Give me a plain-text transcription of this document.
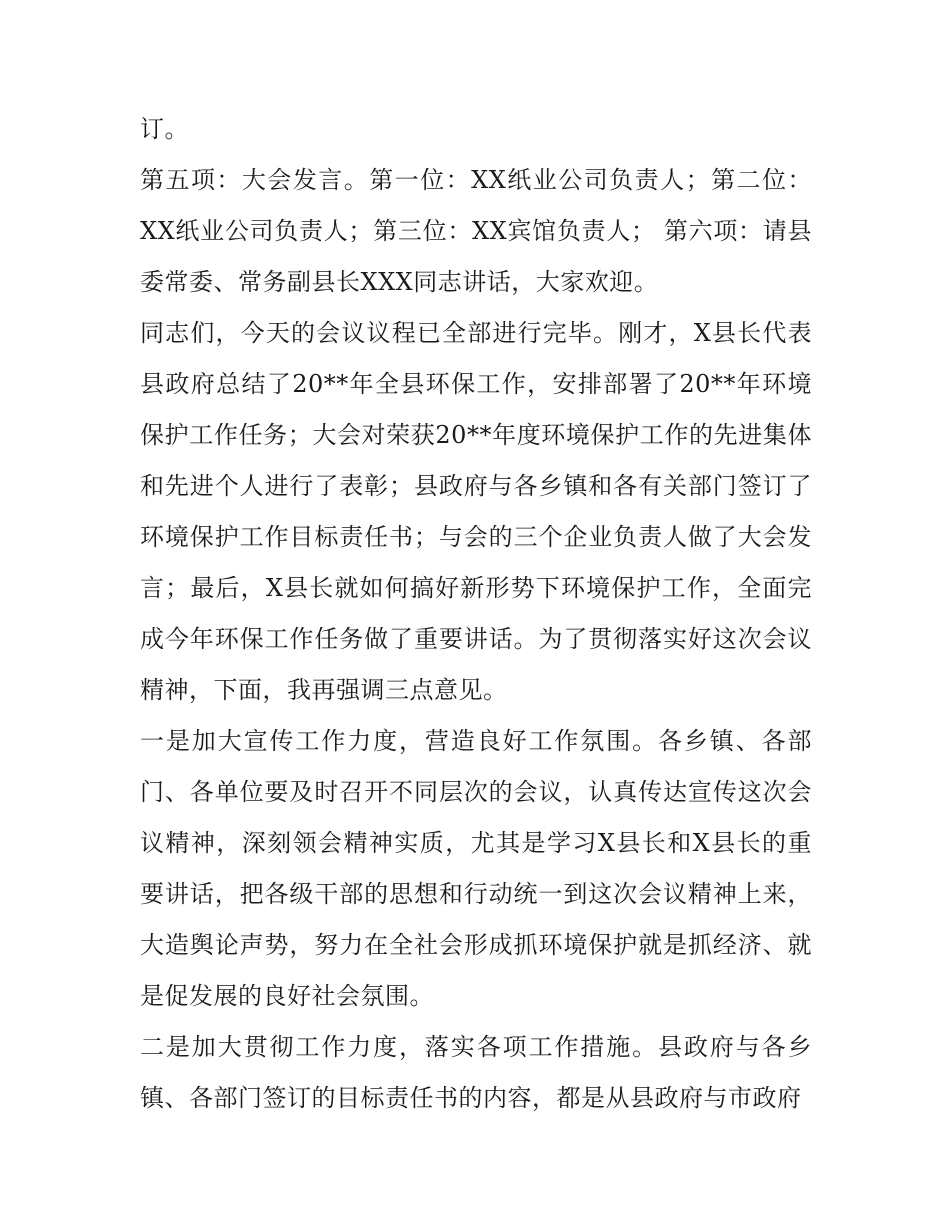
订。

第五项：大会发言。第一位：XX纸业公司负责人；第二位：XX纸业公司负责人；第三位：XX宾馆负责人； 第六项：请县委常委、常务副县长XXX同志讲话，大家欢迎。

同志们，今天的会议议程已全部进行完毕。刚才，X县长代表县政府总结了20**年全县环保工作，安排部署了20**年环境保护工作任务；大会对荣获20**年度环境保护工作的先进集体和先进个人进行了表彰；县政府与各乡镇和各有关部门签订了环境保护工作目标责任书；与会的三个企业负责人做了大会发言；最后，X县长就如何搞好新形势下环境保护工作，全面完成今年环保工作任务做了重要讲话。为了贯彻落实好这次会议精神，下面，我再强调三点意见。

一是加大宣传工作力度，营造良好工作氛围。各乡镇、各部门、各单位要及时召开不同层次的会议，认真传达宣传这次会议精神，深刻领会精神实质，尤其是学习X县长和X县长的重要讲话，把各级干部的思想和行动统一到这次会议精神上来，大造舆论声势，努力在全社会形成抓环境保护就是抓经济、就是促发展的良好社会氛围。

二是加大贯彻工作力度，落实各项工作措施。县政府与各乡镇、各部门签订的目标责任书的内容，都是从县政府与市政府
